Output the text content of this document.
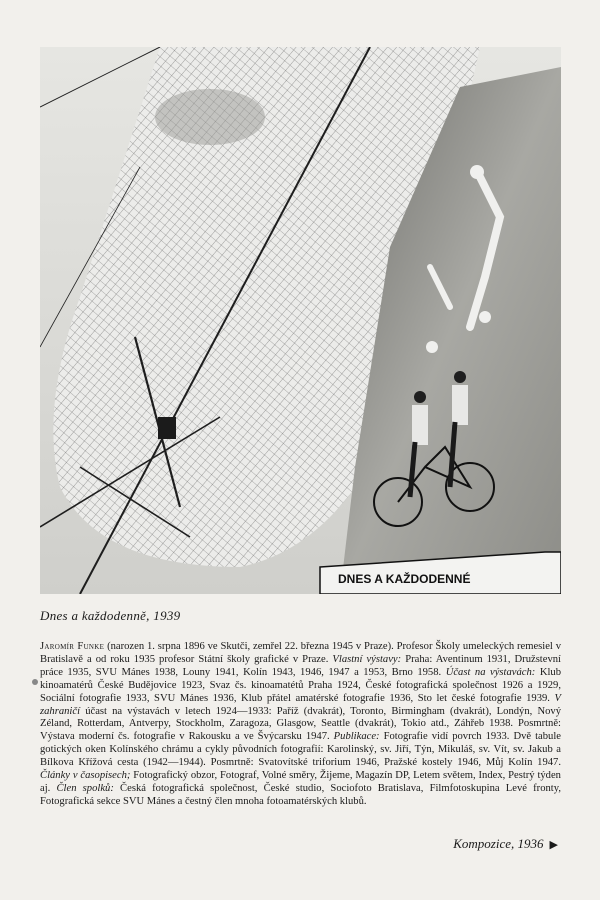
DNES A KAŽDODENNÉ
Dnes a každodenně, 1939
Jaromír Funke (narozen 1. srpna 1896 ve Skutči, zemřel 22. března 1945 v Praze). Profesor Školy umeleckých remesiel v Bratislavě a od roku 1935 profesor Státní školy grafické v Praze. Vlastní výstavy: Praha: Aventinum 1931, Družstevní práce 1935, SVU Mánes 1938, Louny 1941, Kolín 1943, 1946, 1947 a 1953, Brno 1958. Účast na výstavách: Klub kinoamatérů České Budějovice 1923, Svaz čs. kinoamatétů Praha 1924, České fotografická společnost 1926 a 1929, Sociální fotografie 1933, SVU Mánes 1936, Klub přátel amatérské fotografie 1936, Sto let české fotografie 1939. V zahraničí účast na výstavách v letech 1924—1933: Paříž (dvakrát), Toronto, Birmingham (dvakrát), Londýn, Nový Zéland, Rotterdam, Antverpy, Stockholm, Zaragoza, Glasgow, Seattle (dvakrát), Tokio atd., Záhřeb 1938. Posmrtně: Výstava moderní čs. fotografie v Rakousku a ve Švýcarsku 1947. Publikace: Fotografie vidí povrch 1933. Dvě tabule gotických oken Kolínského chrámu a cykly původních fotografií: Karolinský, sv. Jiří, Týn, Mikuláš, sv. Vít, sv. Jakub a Bílkova Křížová cesta (1942—1944). Posmrtně: Svatovítské triforium 1946, Pražské kostely 1946, Můj Kolín 1947. Články v časopisech; Fotografický obzor, Fotograf, Volné směry, Žijeme, Magazín DP, Letem světem, Index, Pestrý týden aj. Člen spolků: Česká fotografická společnost, České studio, Sociofoto Bratislava, Filmfotoskupina Levé fronty, Fotografická sekce SVU Mánes a čestný člen mnoha fotoamatérských klubů.
Kompozice, 1936 ▶
